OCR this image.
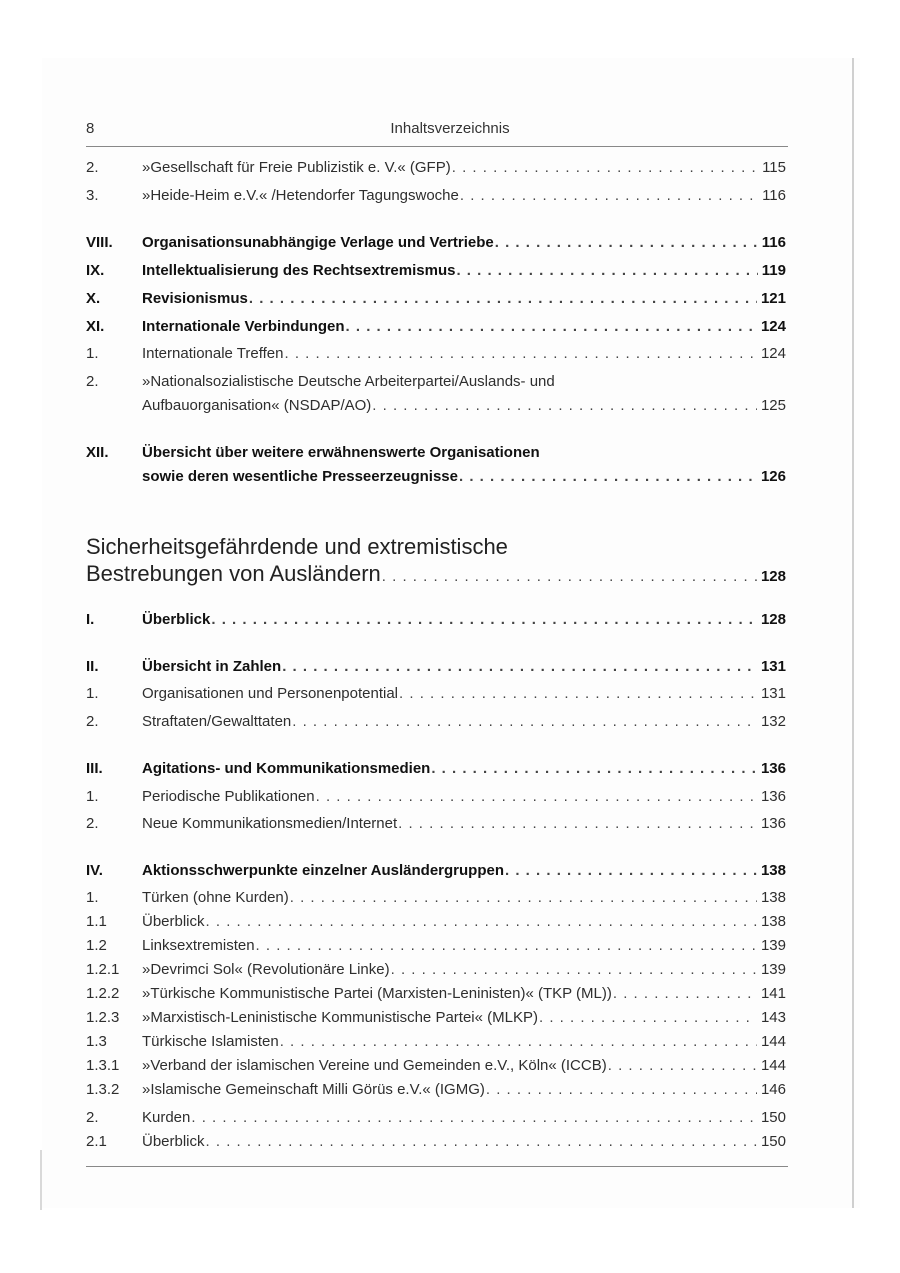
8	Inhaltsverzeichnis
2.	»Gesellschaft für Freie Publizistik e. V.« (GFP) . . .	115
3.	»Heide-Heim e.V.« /Hetendorfer Tagungswoche . . .	116
VIII. Organisationsunabhängige Verlage und Vertriebe . . .	116
IX.	Intellektualisierung des Rechtsextremismus . . .	119
X.	Revisionismus . . .	121
XI.	Internationale Verbindungen . . .	124
1.	Internationale Treffen . . .	124
2.	»Nationalsozialistische Deutsche Arbeiterpartei/Auslands- und
Aufbauorganisation« (NSDAP/AO) . . .	125
XII. Übersicht über weitere erwähnenswerte Organisationen
sowie deren wesentliche Presseerzeugnisse . . .	126
Sicherheitsgefährdende und extremistische
Bestrebungen von Ausländern . . .	128
I.	Überblick . . .	128
II.	Übersicht in Zahlen . . .	131
1.	Organisationen und Personenpotential . . .	131
2.	Straftaten/Gewalttaten . . .	132
III.	Agitations- und Kommunikationsmedien . . .	136
1.	Periodische Publikationen . . .	136
2.	Neue Kommunikationsmedien/Internet . . .	136
IV.	Aktionsschwerpunkte einzelner Ausländergruppen . . .	138
1.	Türken (ohne Kurden) . . .	138
1.1 Überblick . . .	138
1.2 Linksextremisten . . .	139
1.2.1 »Devrimci Sol« (Revolutionäre Linke) . . .	139
1.2.2 »Türkische Kommunistische Partei (Marxisten-Leninisten)« (TKP (ML)) . . .	141
1.2.3 »Marxistisch-Leninistische Kommunistische Partei« (MLKP) . . .	143
1.3 Türkische Islamisten . . .	144
1.3.1 »Verband der islamischen Vereine und Gemeinden e.V., Köln« (ICCB) . . .	144
1.3.2 »Islamische Gemeinschaft Milli Görüs e.V.« (IGMG) . . .	146
2.	Kurden . . .	150
2.1 Überblick . . .	150
